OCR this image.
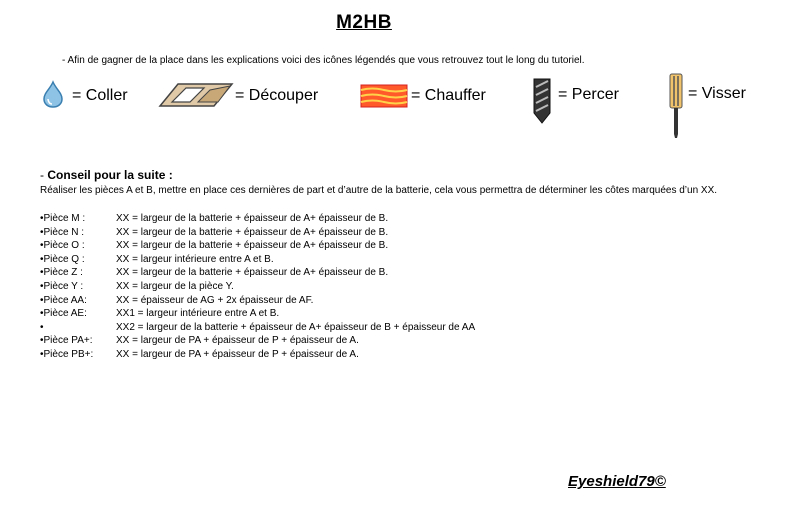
M2HB
- Afin de gagner de la place dans les explications voici des icônes légendés que vous retrouvez tout le long du tutoriel.
= Coller	= Découper	= Chauffer	= Percer	= Visser
- Conseil pour la suite :
Réaliser les pièces A et B, mettre en place ces dernières de part et d’autre de la batterie, cela vous permettra de déterminer les côtes marquées d’un XX.
•Pièce M :	XX = largeur de la batterie + épaisseur de A+ épaisseur de B.
•Pièce N :	XX = largeur de la batterie + épaisseur de A+ épaisseur de B.
•Pièce O :	XX = largeur de la batterie + épaisseur de A+ épaisseur de B.
•Pièce Q :	XX = largeur intérieure entre A et B.
•Pièce Z :	XX = largeur de la batterie + épaisseur de A+ épaisseur de B.
•Pièce Y :	XX = largeur de la pièce Y.
•Pièce AA:	XX = épaisseur de AG + 2x épaisseur de AF.
•Pièce AE:	XX1 = largeur intérieure entre A et B.
•	XX2 = largeur de la batterie + épaisseur de A+ épaisseur de B + épaisseur de AA
•Pièce PA+: XX = largeur de PA + épaisseur de P + épaisseur de A.
•Pièce PB+: XX = largeur de PA + épaisseur de P + épaisseur de A.
Eyeshield79©
